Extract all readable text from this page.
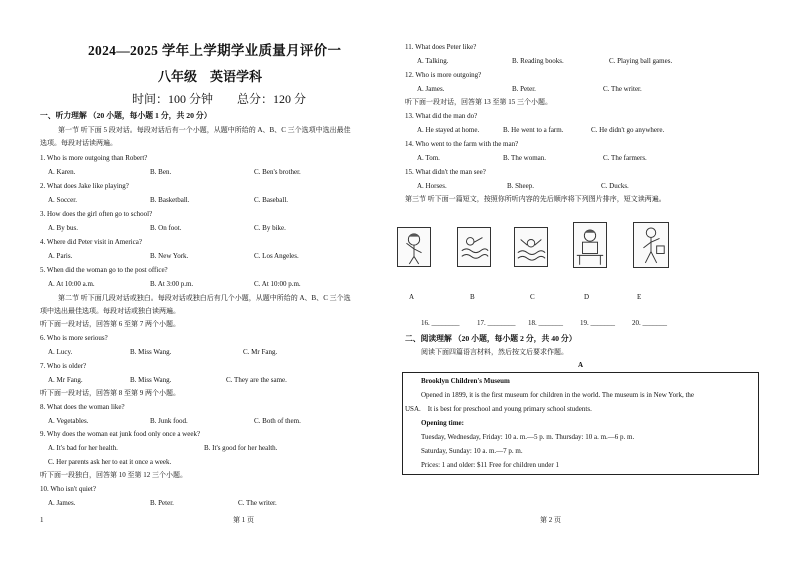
2024—2025 学年上学期学业质量月评价一
八年级　英语学科
时间：100 分钟　　总分：120 分
一、听力理解 （20 小题，每小题 1 分，共 20 分）
第一节 听下面 5 段对话。每段对话后有一个小题，从题中所给的 A、B、C 三个选项中选出最佳
选项。每段对话读两遍。
1. Who is more outgoing than Robert?
A. Karen.	B. Ben.	C. Ben's brother.
2. What does Jake like playing?
A. Soccer.	B. Basketball.	C. Baseball.
3. How does the girl often go to school?
A. By bus.	B. On foot.	C. By bike.
4. Where did Peter visit in America?
A. Paris.	B. New York.	C. Los Angeles.
5. When did the woman go to the post office?
A. At 10:00 a.m.	B. At 3:00 p.m.	C. At 10:00 p.m.
第二节 听下面几段对话或独白。每段对话或独白后有几个小题，从题中所给的 A、B、C 三个选
项中选出最佳选项。每段对话或独白读两遍。
听下面一段对话，回答第 6 至第 7 两个小题。
6. Who is more serious?
A. Lucy.	B. Miss Wang.	C. Mr Fang.
7. Who is older?
A. Mr Fang.	B. Miss Wang.	C. They are the same.
听下面一段对话，回答第 8 至第 9 两个小题。
8. What does the woman like?
A. Vegetables.	B. Junk food.	C. Both of them.
9. Why does the woman eat junk food only once a week?
A. It's bad for her health.	B. It's good for her health.
C. Her parents ask her to eat it once a week.
听下面一段独白，回答第 10 至第 12 三个小题。
10. Who isn't quiet?
A. James.	B. Peter.	C. The writer.
1	第 1 页
11. What does Peter like?
A. Talking.	B. Reading books.	C. Playing ball games.
12. Who is more outgoing?
A. James.	B. Peter.	C. The writer.
听下面一段对话，回答第 13 至第 15 三个小题。
13. What did the man do?
A. He stayed at home.	B. He went to a farm.	C. He didn't go anywhere.
14. Who went to the farm with the man?
A. Tom.	B. The woman.	C. The farmers.
15. What didn't the man see?
A. Horses.	B. Sheep.	C. Ducks.
第三节 听下面一篇短文，按照你所听内容的先后顺序将下列图片排序，短文读两遍。
A	B	C	D	E
16. ________	17. ________ 18. _______ 19. _______ 20. _______
二、阅读理解 （20 小题，每小题 2 分，共 40 分）
阅读下面四篇语言材料，然后按文后要求作题。
A
Brooklyn Children's Museum
Opened in 1899, it is the first museum for children in the world. The museum is in New York, the
USA.　It is best for preschool and young primary school students.
Opening time:
Tuesday, Wednesday, Friday: 10 a. m.—5 p. m. Thursday: 10 a. m.—6 p. m.
Saturday, Sunday: 10 a. m.—7 p. m.
Prices: 1 and older: $11 Free for children under 1
第 2 页
